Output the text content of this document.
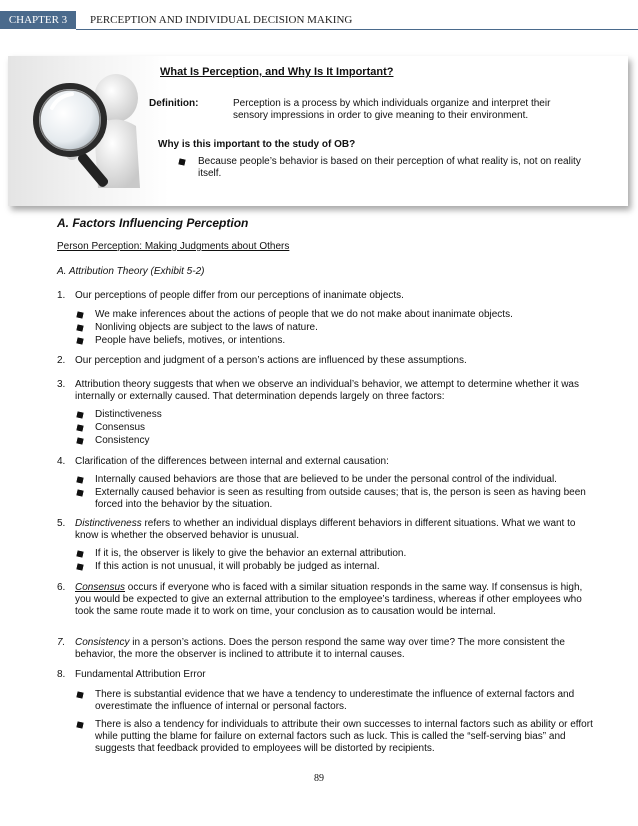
CHAPTER 3	PERCEPTION AND INDIVIDUAL DECISION MAKING
What Is Perception, and Why Is It Important?
Definition:	Perception is a process by which individuals organize and interpret their sensory impressions in order to give meaning to their environment.
Why is this important to the study of OB?
Because people’s behavior is based on their perception of what reality is, not on reality itself.
A. Factors Influencing Perception
Person Perception: Making Judgments about Others
A. Attribution Theory (Exhibit 5-2)
1. Our perceptions of people differ from our perceptions of inanimate objects.
We make inferences about the actions of people that we do not make about inanimate objects.
Nonliving objects are subject to the laws of nature.
People have beliefs, motives, or intentions.
2. Our perception and judgment of a person’s actions are influenced by these assumptions.
3. Attribution theory suggests that when we observe an individual’s behavior, we attempt to determine whether it was internally or externally caused. That determination depends largely on three factors:
Distinctiveness
Consensus
Consistency
4. Clarification of the differences between internal and external causation:
Internally caused behaviors are those that are believed to be under the personal control of the individual.
Externally caused behavior is seen as resulting from outside causes; that is, the person is seen as having been forced into the behavior by the situation.
5. Distinctiveness refers to whether an individual displays different behaviors in different situations. What we want to know is whether the observed behavior is unusual.
If it is, the observer is likely to give the behavior an external attribution.
If this action is not unusual, it will probably be judged as internal.
6. Consensus occurs if everyone who is faced with a similar situation responds in the same way. If consensus is high, you would be expected to give an external attribution to the employee’s tardiness, whereas if other employees who took the same route made it to work on time, your conclusion as to causation would be internal.
7. Consistency in a person’s actions. Does the person respond the same way over time? The more consistent the behavior, the more the observer is inclined to attribute it to internal causes.
8. Fundamental Attribution Error
There is substantial evidence that we have a tendency to underestimate the influence of external factors and overestimate the influence of internal or personal factors.
There is also a tendency for individuals to attribute their own successes to internal factors such as ability or effort while putting the blame for failure on external factors such as luck. This is called the “self-serving bias” and suggests that feedback provided to employees will be distorted by recipients.
89
